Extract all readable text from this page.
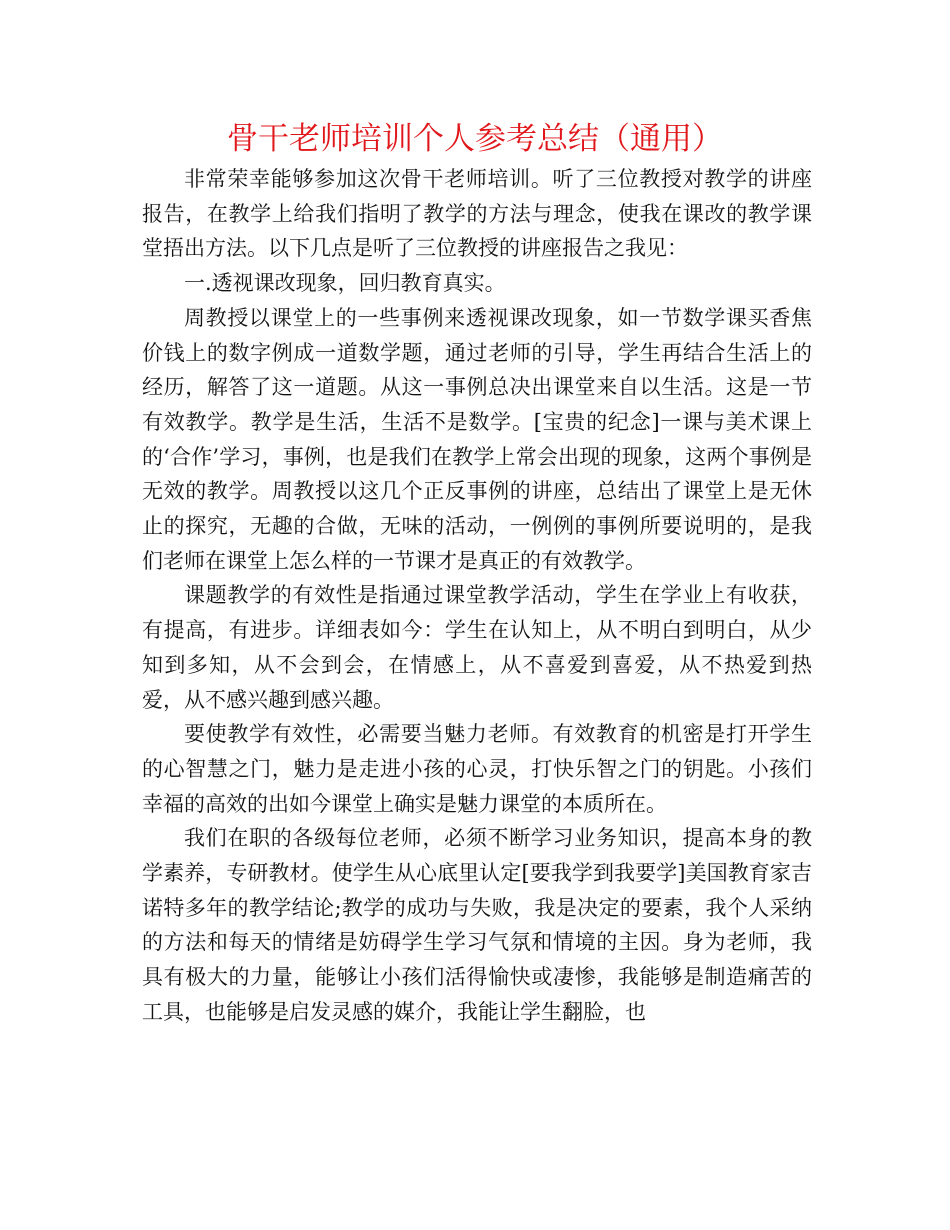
骨干老师培训个人参考总结（通用）

非常荣幸能够参加这次骨干老师培训。听了三位教授对教学的讲座报告，在教学上给我们指明了教学的方法与理念，使我在课改的教学课堂捂出方法。以下几点是听了三位教授的讲座报告之我见：

一.透视课改现象，回归教育真实。

周教授以课堂上的一些事例来透视课改现象，如一节数学课买香焦价钱上的数字例成一道数学题，通过老师的引导，学生再结合生活上的经历，解答了这一道题。从这一事例总决出课堂来自以生活。这是一节有效教学。教学是生活，生活不是数学。[宝贵的纪念]一课与美术课上的‘合作’学习，事例，也是我们在教学上常会出现的现象，这两个事例是无效的教学。周教授以这几个正反事例的讲座，总结出了课堂上是无休止的探究，无趣的合做，无味的活动，一例例的事例所要说明的，是我们老师在课堂上怎么样的一节课才是真正的有效教学。

课题教学的有效性是指通过课堂教学活动，学生在学业上有收获，有提高，有进步。详细表如今：学生在认知上，从不明白到明白，从少知到多知，从不会到会，在情感上，从不喜爱到喜爱，从不热爱到热爱，从不感兴趣到感兴趣。

要使教学有效性，必需要当魅力老师。有效教育的机密是打开学生的心智慧之门，魅力是走进小孩的心灵，打快乐智之门的钥匙。小孩们幸福的高效的出如今课堂上确实是魅力课堂的本质所在。

我们在职的各级每位老师，必须不断学习业务知识，提高本身的教学素养，专研教材。使学生从心底里认定[要我学到我要学]美国教育家吉诺特多年的教学结论;教学的成功与失败，我是决定的要素，我个人采纳的方法和每天的情绪是妨碍学生学习气氛和情境的主因。身为老师，我具有极大的力量，能够让小孩们活得愉快或凄惨，我能够是制造痛苦的工具，也能够是启发灵感的媒介，我能让学生翻脸，也
